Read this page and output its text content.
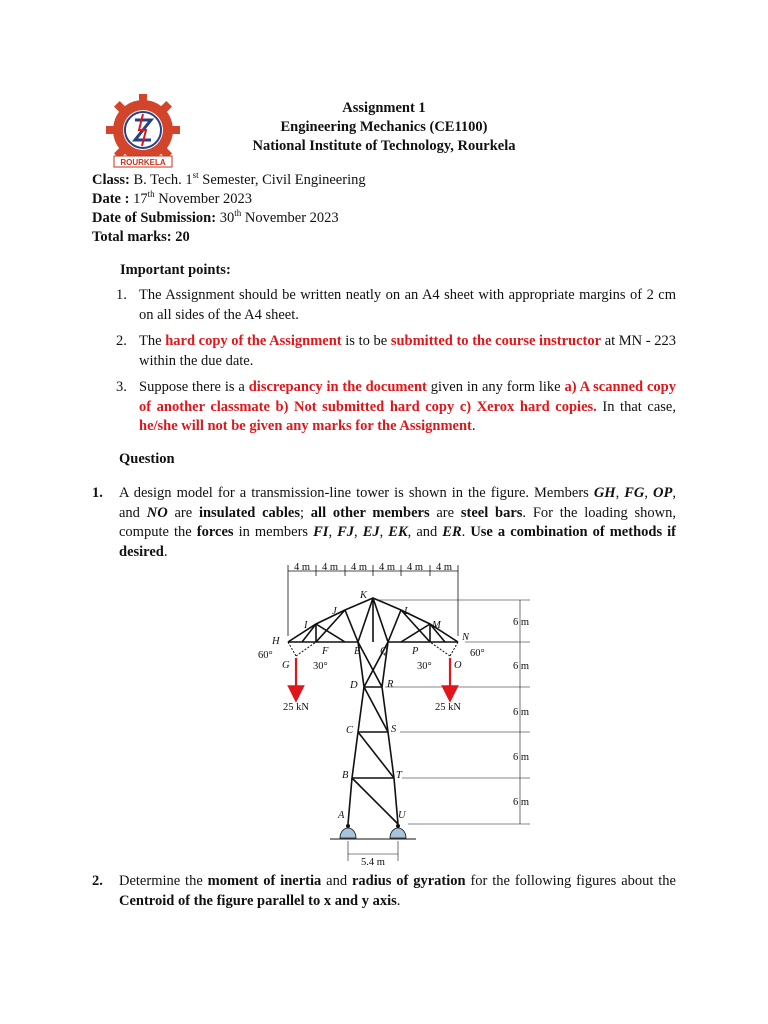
ROURKELA
Assignment 1
Engineering Mechanics (CE1100)
National Institute of Technology, Rourkela
Class: B. Tech. 1st Semester, Civil Engineering
Date : 17th November 2023
Date of Submission: 30th November 2023
Total marks: 20
Important points:
1. The Assignment should be written neatly on an A4 sheet with appropriate margins of 2 cm on all sides of the A4 sheet.
2. The hard copy of the Assignment is to be submitted to the course instructor at MN - 223 within the due date.
3. Suppose there is a discrepancy in the document given in any form like a) A scanned copy of another classmate b) Not submitted hard copy c) Xerox hard copies. In that case, he/she will not be given any marks for the Assignment.
Question
1. A design model for a transmission-line tower is shown in the figure. Members GH, FG, OP, and NO are insulated cables; all other members are steel bars. For the loading shown, compute the forces in members FI, FJ, EJ, EK, and ER. Use a combination of methods if desired.
4 m 4 m 4 m 4 m 4 m 4 m
6 m
6 m
6 m
6 m
6 m
25 kN	25 kN
60°	60°
30°	30°
5.4 m
K
J	L
I	M
H	N
G
F E Q P
O
D	R
C	S
B	T
A	U
2. Determine the moment of inertia and radius of gyration for the following figures about the Centroid of the figure parallel to x and y axis.
